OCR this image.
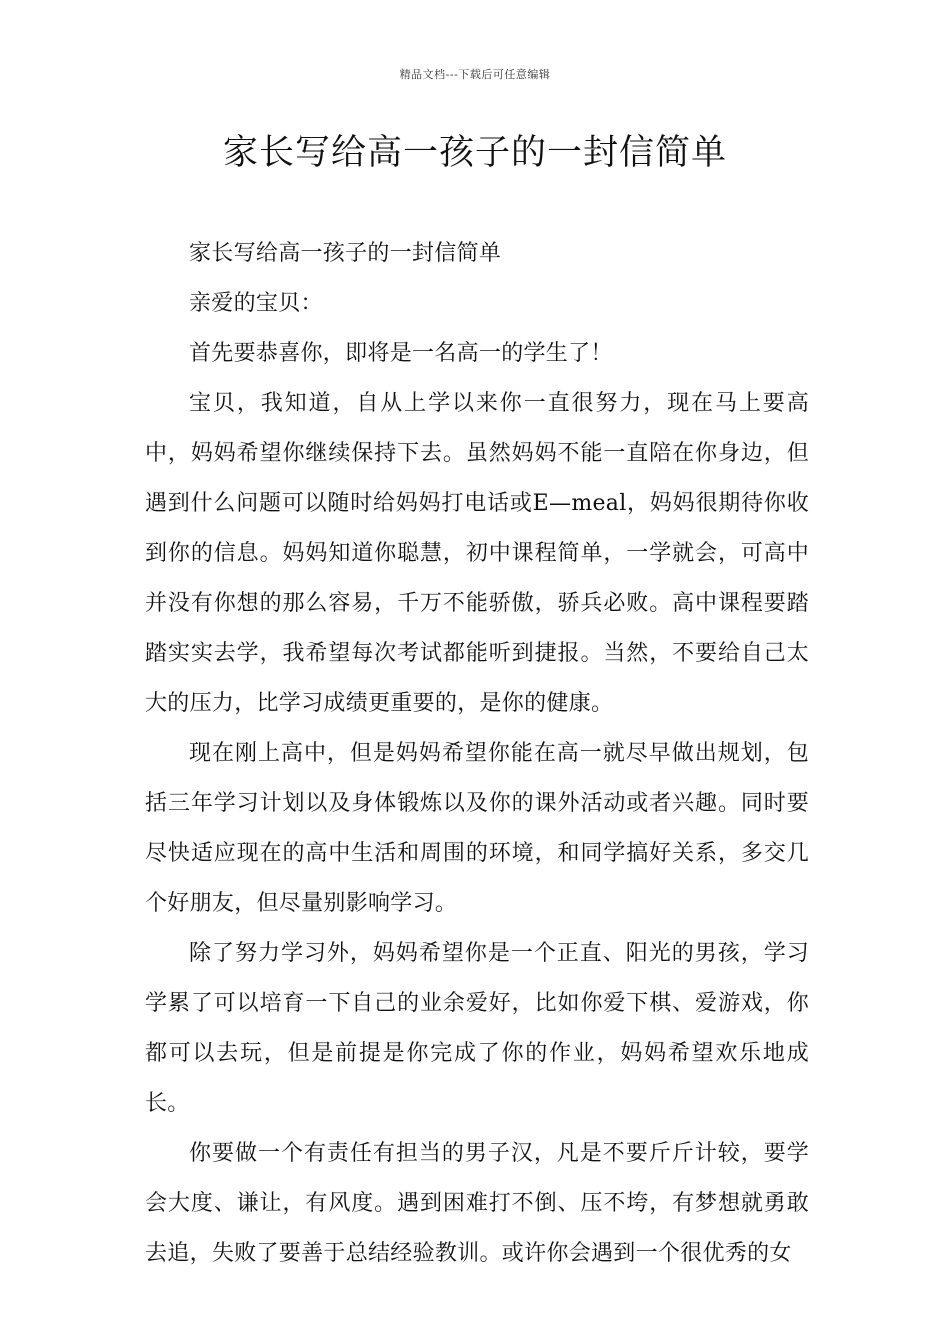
精品文档---下载后可任意编辑
家长写给高一孩子的一封信简单

家长写给高一孩子的一封信简单

亲爱的宝贝：

首先要恭喜你，即将是一名高一的学生了！

宝贝，我知道，自从上学以来你一直很努力，现在马上要高中，妈妈希望你继续保持下去。虽然妈妈不能一直陪在你身边，但遇到什么问题可以随时给妈妈打电话或E—meal，妈妈很期待你收到你的信息。妈妈知道你聪慧，初中课程简单，一学就会，可高中并没有你想的那么容易，千万不能骄傲，骄兵必败。高中课程要踏踏实实去学，我希望每次考试都能听到捷报。当然，不要给自己太大的压力，比学习成绩更重要的，是你的健康。

现在刚上高中，但是妈妈希望你能在高一就尽早做出规划，包括三年学习计划以及身体锻炼以及你的课外活动或者兴趣。同时要尽快适应现在的高中生活和周围的环境，和同学搞好关系，多交几个好朋友，但尽量别影响学习。

除了努力学习外，妈妈希望你是一个正直、阳光的男孩，学习学累了可以培育一下自己的业余爱好，比如你爱下棋、爱游戏，你都可以去玩，但是前提是你完成了你的作业，妈妈希望欢乐地成长。

你要做一个有责任有担当的男子汉，凡是不要斤斤计较，要学会大度、谦让，有风度。遇到困难打不倒、压不垮，有梦想就勇敢去追，失败了要善于总结经验教训。或许你会遇到一个很优秀的女
